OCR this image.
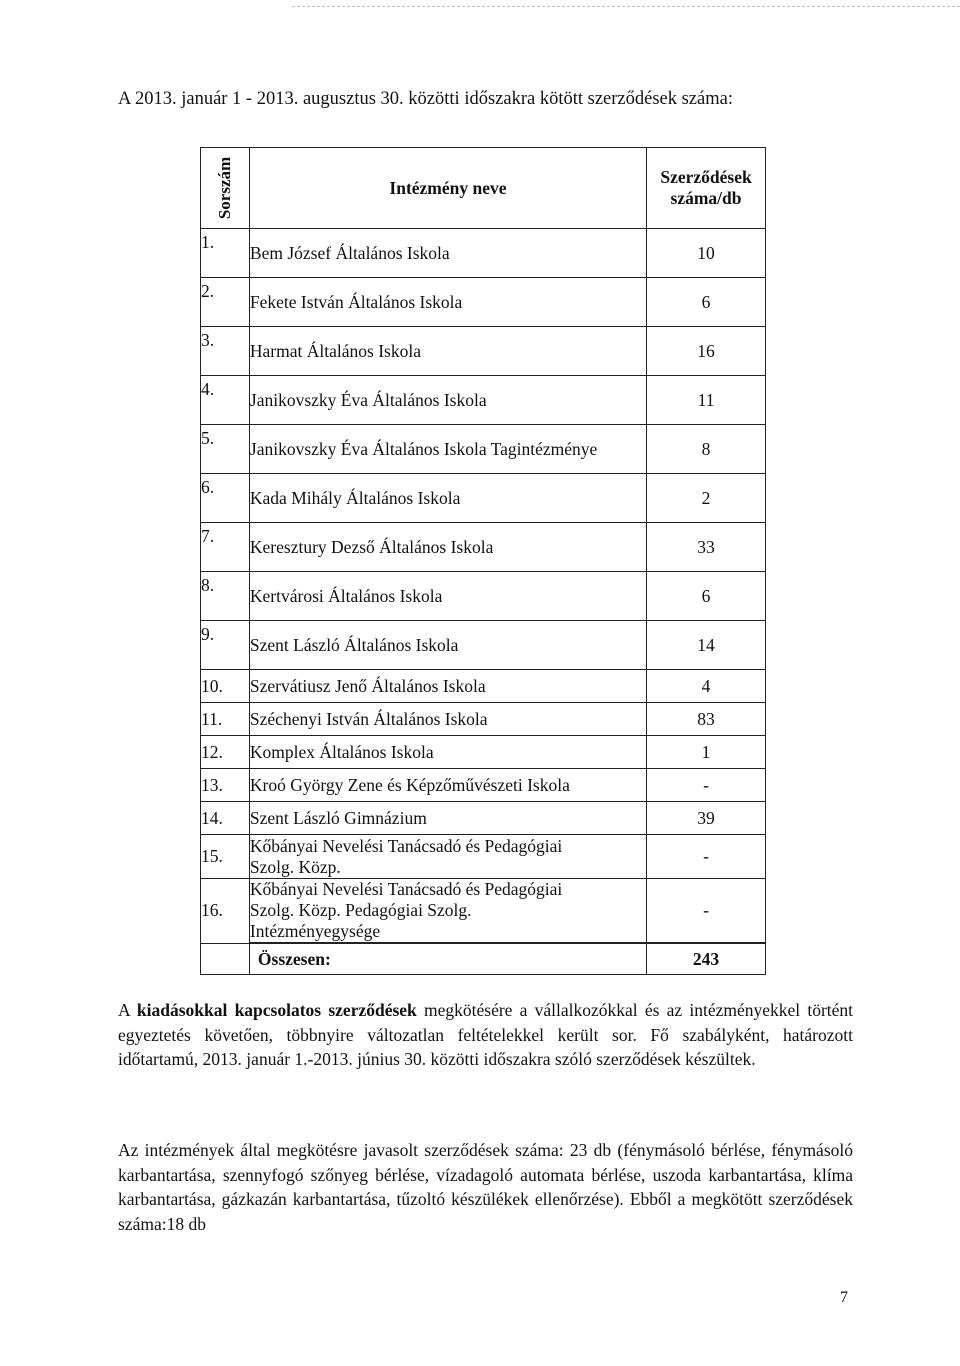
A 2013. január 1 - 2013. augusztus 30. közötti időszakra kötött szerződések száma:
Sorszám	Intézmény neve	Szerződések
száma/db
1.	Bem József Általános Iskola	10
2.	Fekete István Általános Iskola	6
3.	Harmat Általános Iskola	16
4.	Janikovszky Éva Általános Iskola	11
5.	Janikovszky Éva Általános Iskola Tagintézménye	8
6.	Kada Mihály Általános Iskola	2
7.	Keresztury Dezső Általános Iskola	33
8.	Kertvárosi Általános Iskola	6
9.	Szent László Általános Iskola	14
10.	Szervátiusz Jenő Általános Iskola	4
11.	Széchenyi István Általános Iskola	83
12.	Komplex Általános Iskola	1
13.	Kroó György Zene és Képzőművészeti Iskola	-
14.	Szent László Gimnázium	39
15.	Kőbányai Nevelési Tanácsadó és Pedagógiai
Szolg. Közp.	-
16.	Kőbányai Nevelési Tanácsadó és Pedagógiai
Szolg. Közp. Pedagógiai Szolg.
Intézményegysége	-
	Összesen:	243

A kiadásokkal kapcsolatos szerződések megkötésére a vállalkozókkal és az intézményekkel történt egyeztetés követően, többnyire változatlan feltételekkel került sor. Fő szabályként, határozott időtartamú, 2013. január 1.-2013. június 30. közötti időszakra szóló szerződések készültek.

Az intézmények által megkötésre javasolt szerződések száma: 23 db (fénymásoló bérlése, fénymásoló karbantartása, szennyfogó szőnyeg bérlése, vízadagoló automata bérlése, uszoda karbantartása, klíma karbantartása, gázkazán karbantartása, tűzoltó készülékek ellenőrzése). Ebből a megkötött szerződések száma:18 db

7
